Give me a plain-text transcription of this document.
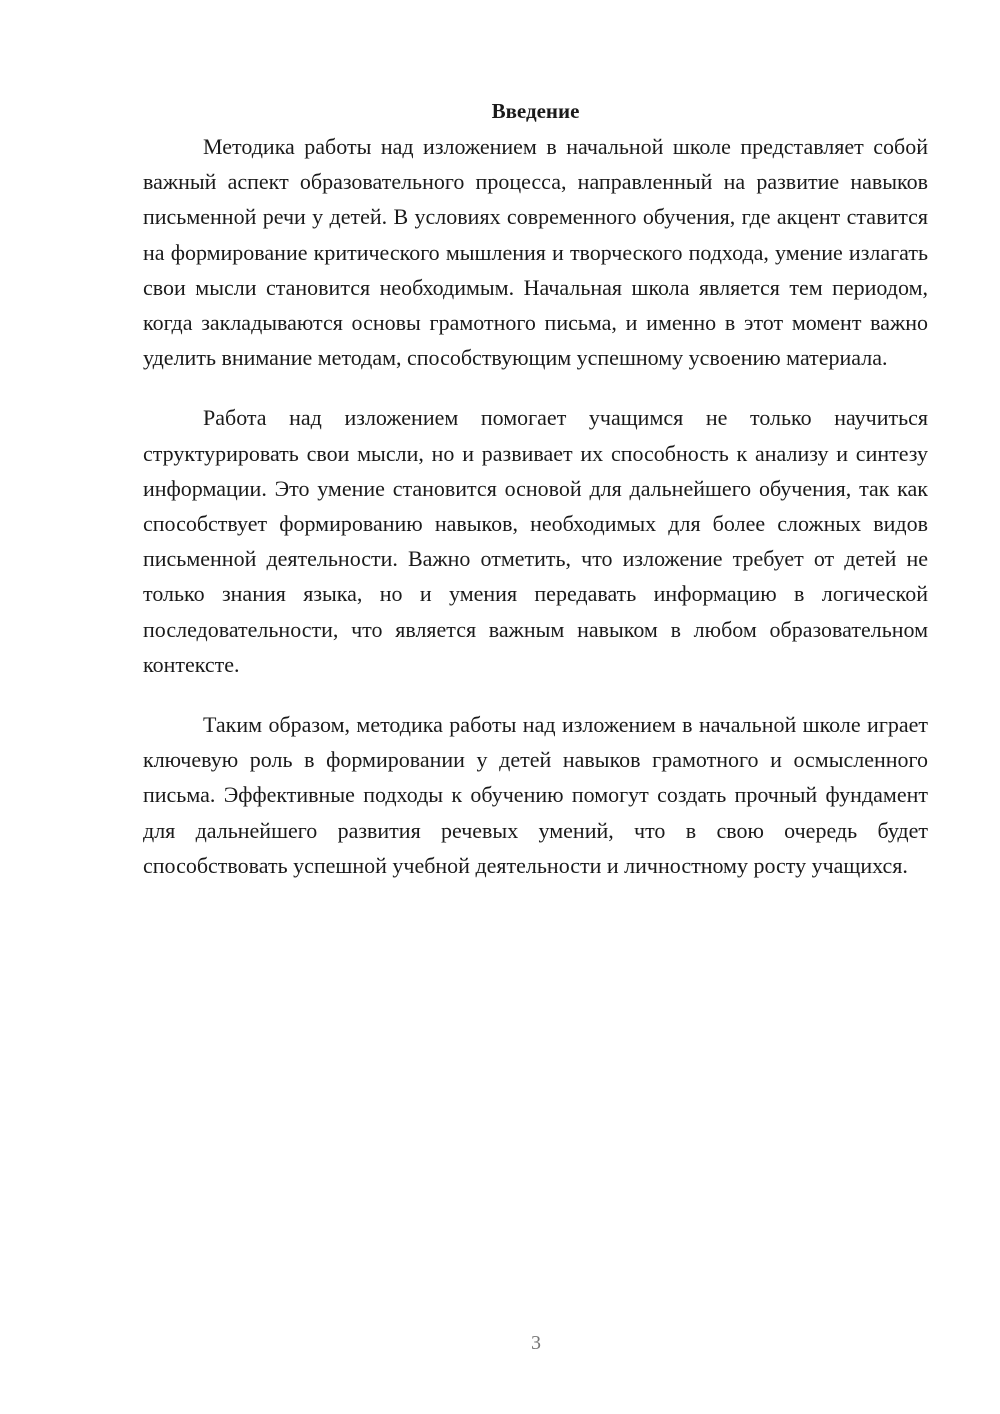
Введение

Методика работы над изложением в начальной школе представляет собой важный аспект образовательного процесса, направленный на развитие навыков письменной речи у детей. В условиях современного обучения, где акцент ставится на формирование критического мышления и творческого подхода, умение излагать свои мысли становится необходимым. Начальная школа является тем периодом, когда закладываются основы грамотного письма, и именно в этот момент важно уделить внимание методам, способствующим успешному усвоению материала.

Работа над изложением помогает учащимся не только научиться структурировать свои мысли, но и развивает их способность к анализу и синтезу информации. Это умение становится основой для дальнейшего обучения, так как способствует формированию навыков, необходимых для более сложных видов письменной деятельности. Важно отметить, что изложение требует от детей не только знания языка, но и умения передавать информацию в логической последовательности, что является важным навыком в любом образовательном контексте.

Таким образом, методика работы над изложением в начальной школе играет ключевую роль в формировании у детей навыков грамотного и осмысленного письма. Эффективные подходы к обучению помогут создать прочный фундамент для дальнейшего развития речевых умений, что в свою очередь будет способствовать успешной учебной деятельности и личностному росту учащихся.

3
